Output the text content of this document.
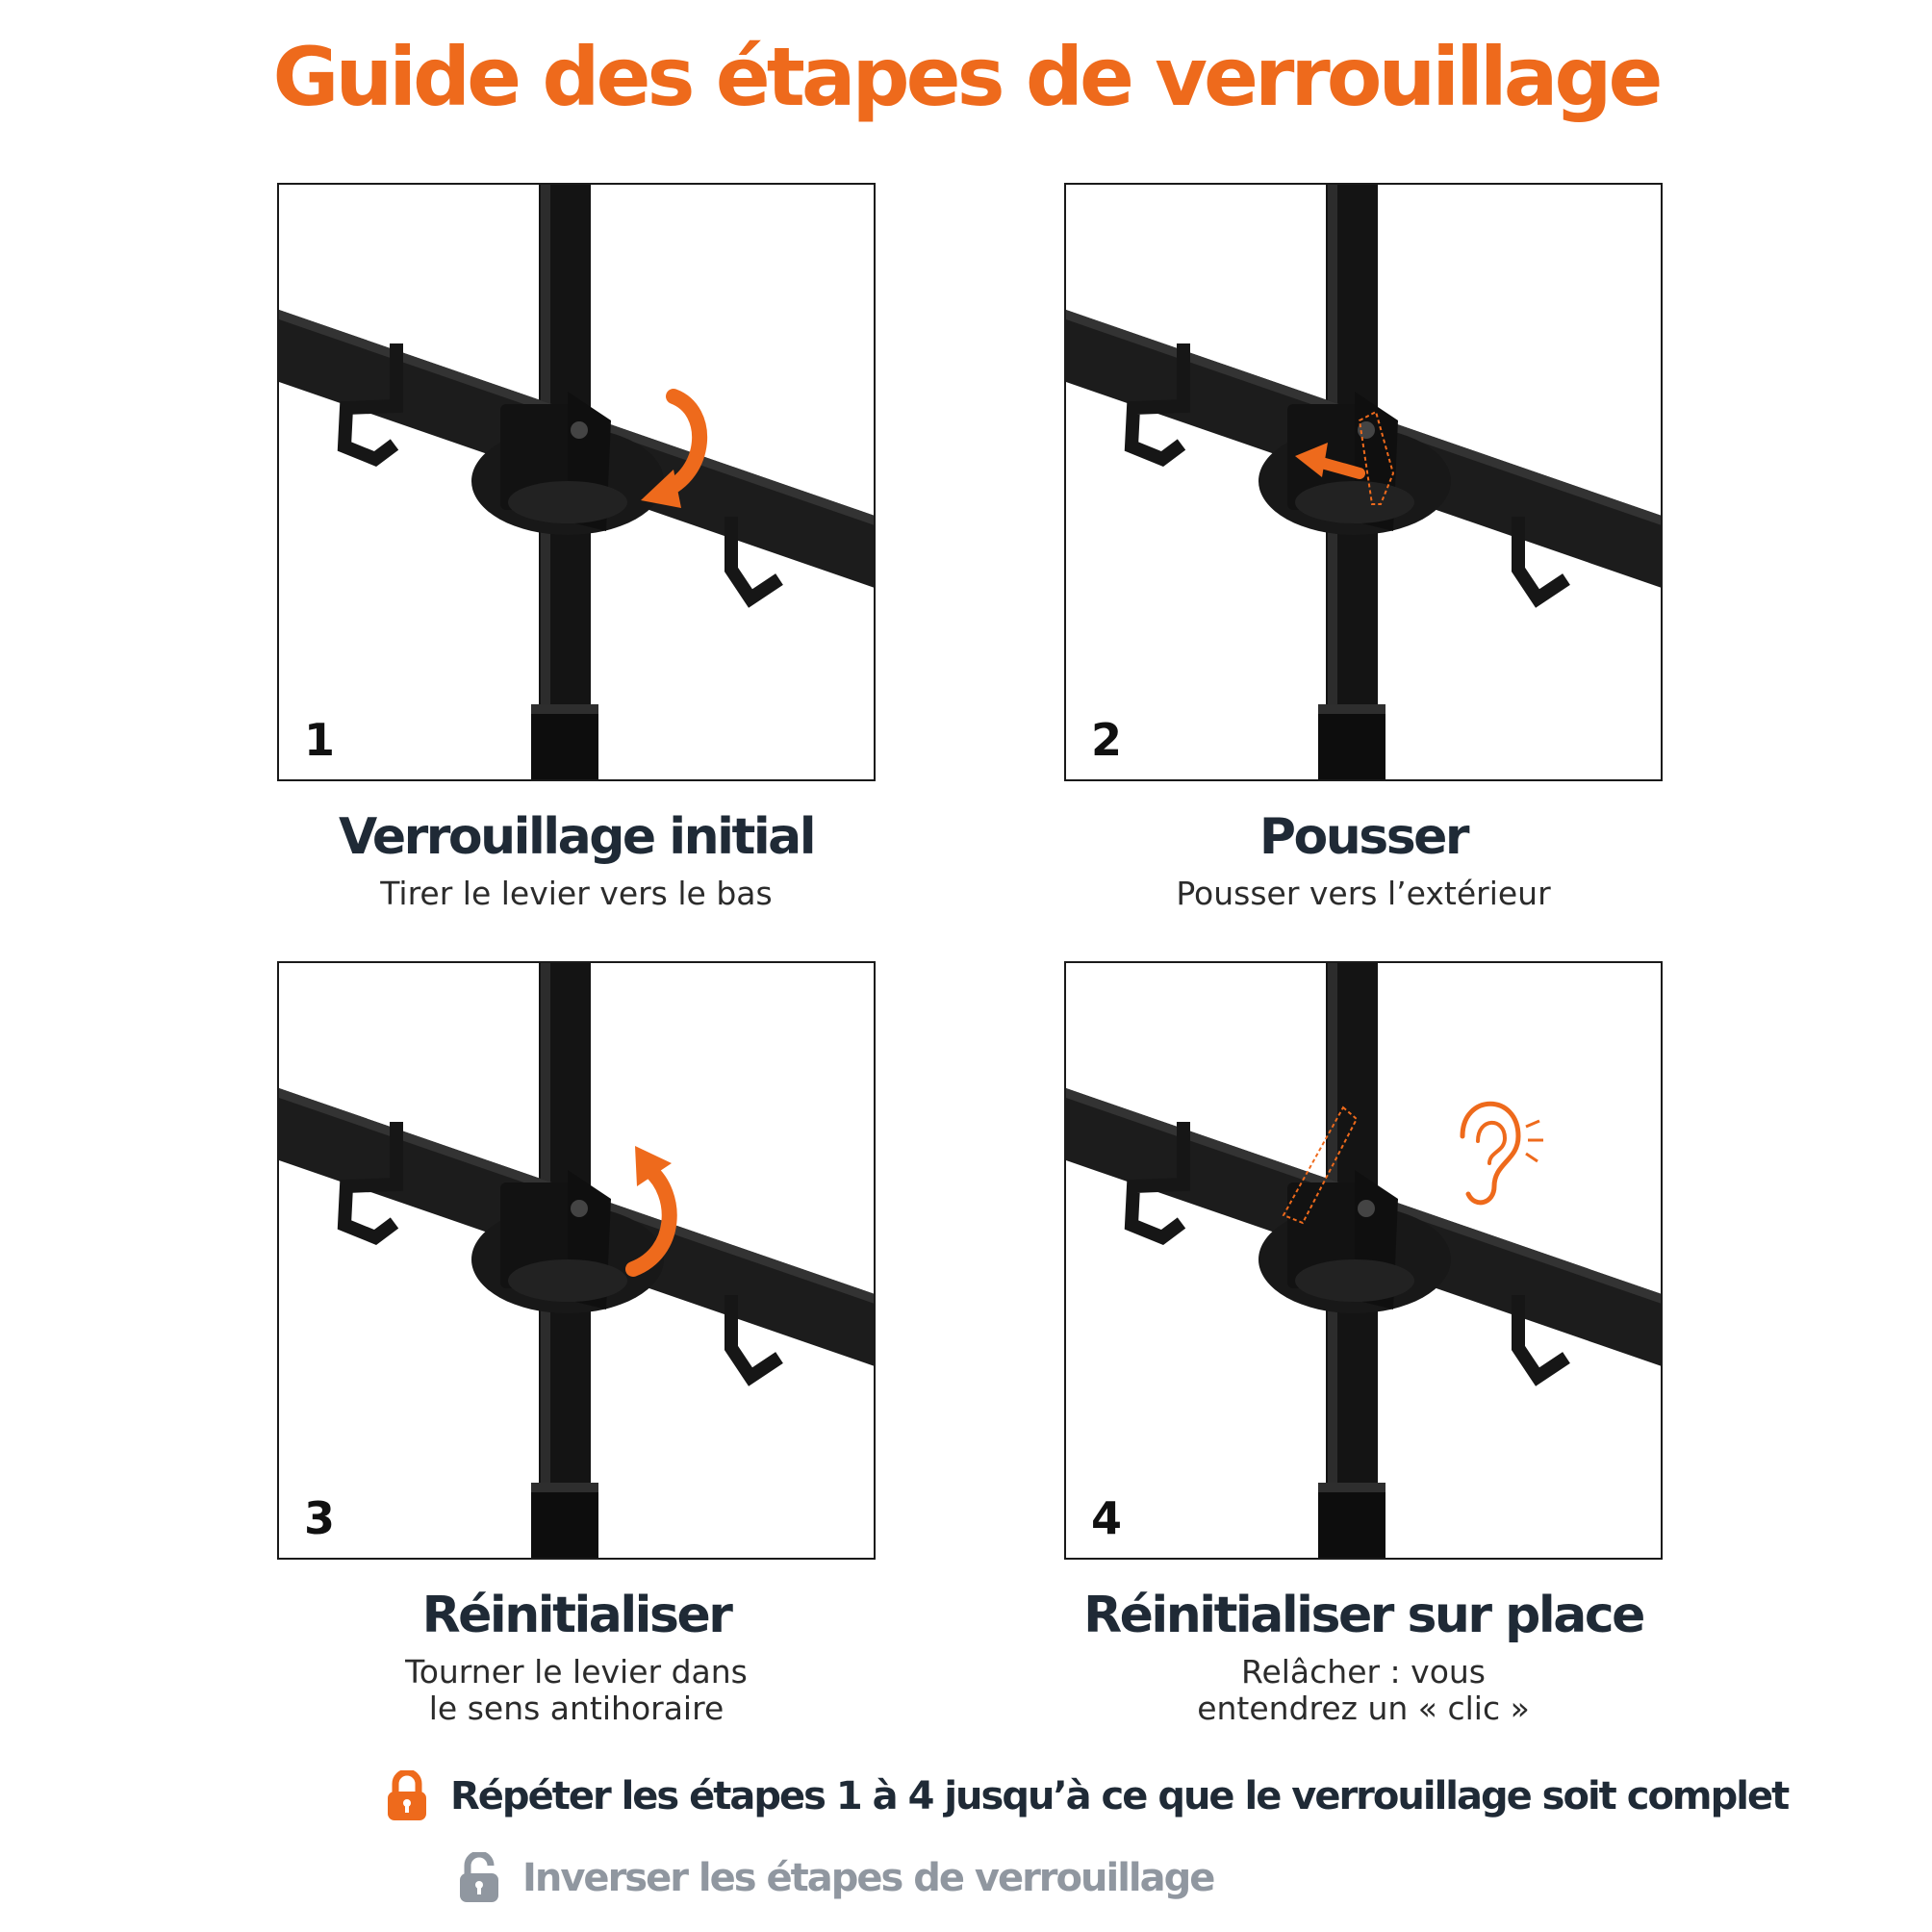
Guide des étapes de verrouillage
1
Verrouillage initial
Tirer le levier vers le bas
2
Pousser
Pousser vers l’extérieur
3
Réinitialiser
Tourner le levier dans
le sens antihoraire
4
Réinitialiser sur place
Relâcher : vous
entendrez un « clic »
Répéter les étapes 1 à 4 jusqu’à ce que le verrouillage soit complet
Inverser les étapes de verrouillage
